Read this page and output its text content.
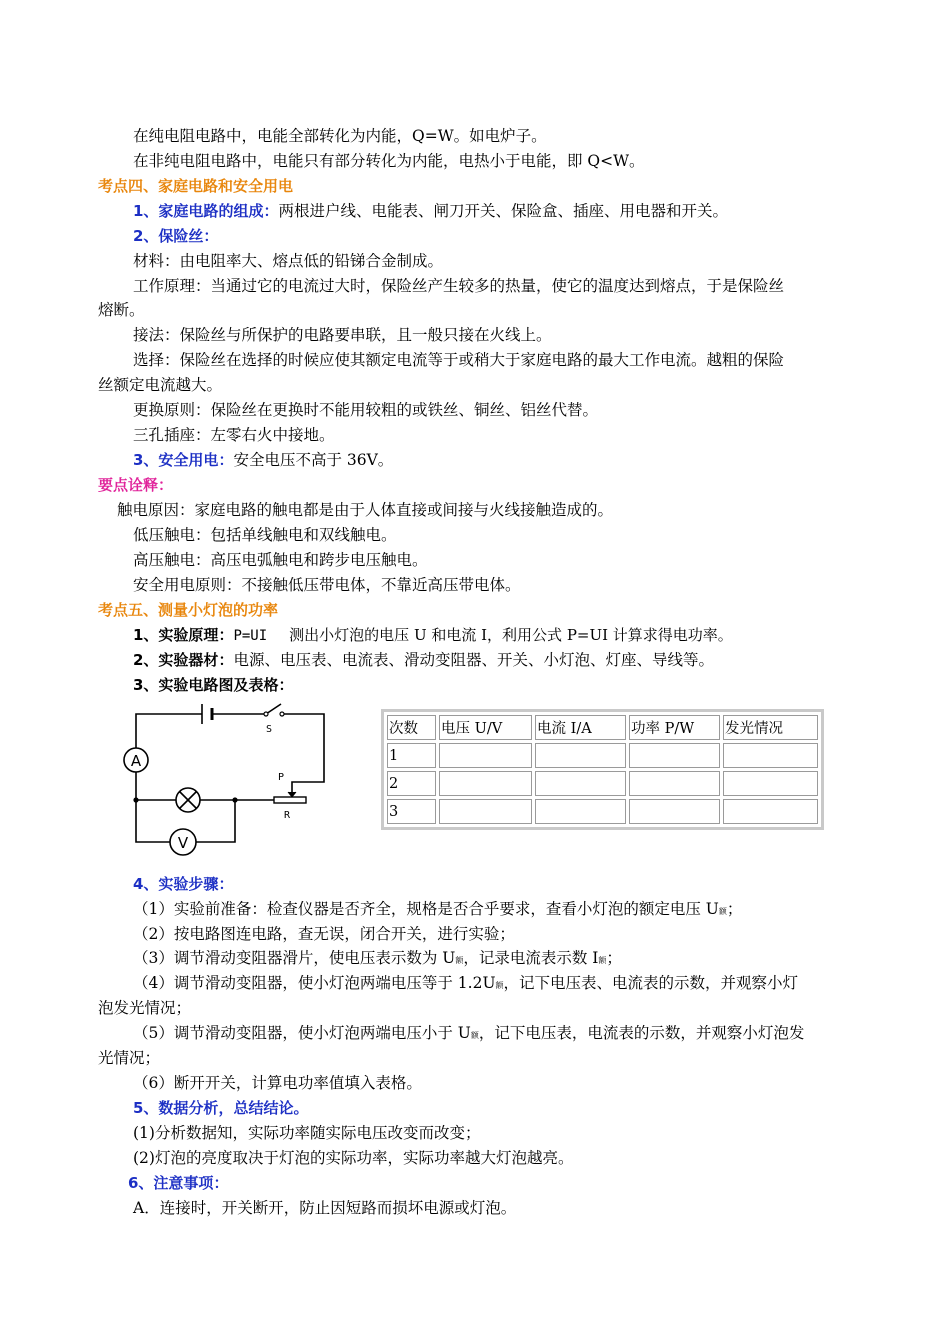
在纯电阻电路中，电能全部转化为内能，Q=W。如电炉子。
在非纯电阻电路中，电能只有部分转化为内能，电热小于电能，即 Q<W。
考点四、家庭电路和安全用电
1、家庭电路的组成：两根进户线、电能表、闸刀开关、保险盒、插座、用电器和开关。
2、保险丝：
材料：由电阻率大、熔点低的铅锑合金制成。
工作原理：当通过它的电流过大时，保险丝产生较多的热量，使它的温度达到熔点，于是保险丝
熔断。
接法：保险丝与所保护的电路要串联，且一般只接在火线上。
选择：保险丝在选择的时候应使其额定电流等于或稍大于家庭电路的最大工作电流。越粗的保险
丝额定电流越大。
更换原则：保险丝在更换时不能用较粗的或铁丝、铜丝、铝丝代替。
三孔插座：左零右火中接地。
3、安全用电：安全电压不高于 36V。
要点诠释：
触电原因：家庭电路的触电都是由于人体直接或间接与火线接触造成的。
低压触电：包括单线触电和双线触电。
高压触电：高压电弧触电和跨步电压触电。
安全用电原则：不接触低压带电体，不靠近高压带电体。
考点五、测量小灯泡的功率
1、实验原理：P=UI 测出小灯泡的电压 U 和电流 I，利用公式 P=UI 计算求得电功率。
2、实验器材：电源、电压表、电流表、滑动变阻器、开关、小灯泡、灯座、导线等。
3、实验电路图及表格：
S
A
V
P
R
次数	电压 U/V	电流 I/A	功率 P/W	发光情况
1				
2				
3				
4、实验步骤：
（1）实验前准备：检查仪器是否齐全，规格是否合乎要求，查看小灯泡的额定电压 U额；
（2）按电路图连电路，查无误，闭合开关，进行实验；
（3）调节滑动变阻器滑片，使电压表示数为 U额，记录电流表示数 I额；
（4）调节滑动变阻器，使小灯泡两端电压等于 1.2U额，记下电压表、电流表的示数，并观察小灯
泡发光情况；
（5）调节滑动变阻器，使小灯泡两端电压小于 U额，记下电压表，电流表的示数，并观察小灯泡发
光情况；
（6）断开开关，计算电功率值填入表格。
5、数据分析，总结结论。
(1)分析数据知，实际功率随实际电压改变而改变；
(2)灯泡的亮度取决于灯泡的实际功率，实际功率越大灯泡越亮。
6、注意事项：
A．连接时，开关断开，防止因短路而损坏电源或灯泡。
